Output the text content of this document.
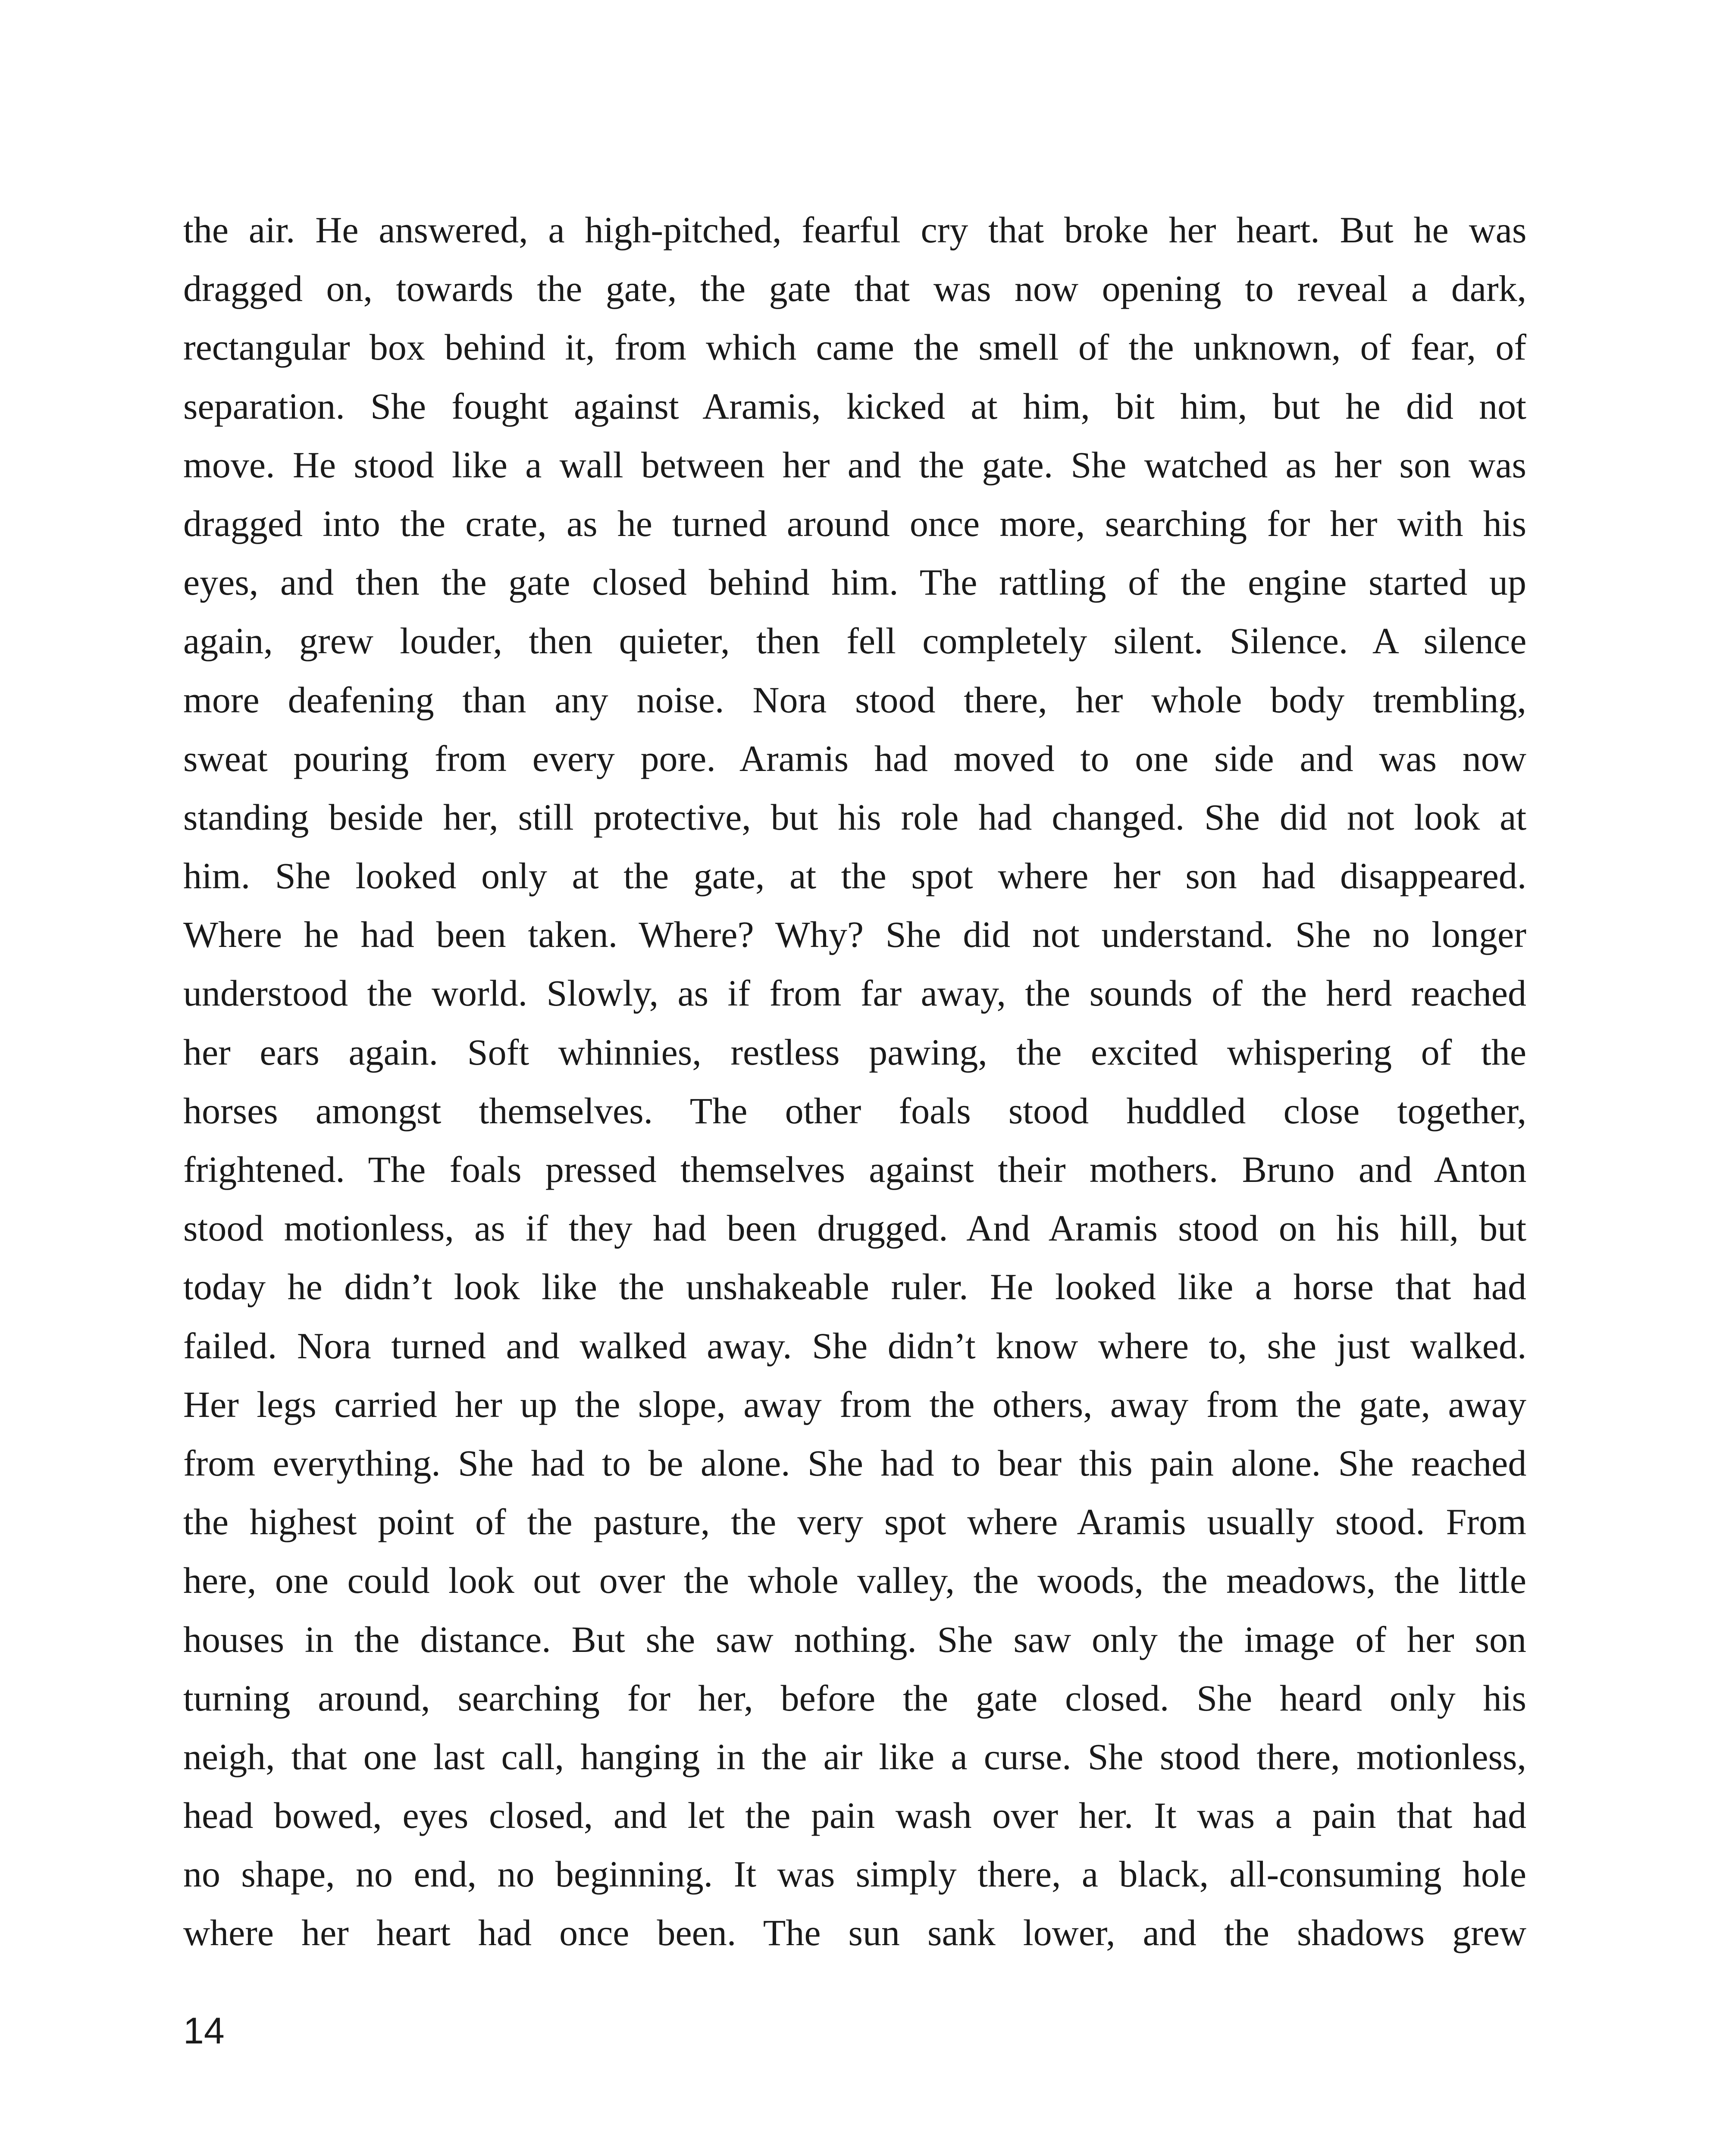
the air. He answered, a high-pitched, fearful cry that broke her heart. But he was
dragged on, towards the gate, the gate that was now opening to reveal a dark,
rectangular box behind it, from which came the smell of the unknown, of fear, of
separation. She fought against Aramis, kicked at him, bit him, but he did not
move. He stood like a wall between her and the gate. She watched as her son was
dragged into the crate, as he turned around once more, searching for her with his
eyes, and then the gate closed behind him. The rattling of the engine started up
again, grew louder, then quieter, then fell completely silent. Silence. A silence
more deafening than any noise. Nora stood there, her whole body trembling,
sweat pouring from every pore. Aramis had moved to one side and was now
standing beside her, still protective, but his role had changed. She did not look at
him. She looked only at the gate, at the spot where her son had disappeared.
Where he had been taken. Where? Why? She did not understand. She no longer
understood the world. Slowly, as if from far away, the sounds of the herd reached
her ears again. Soft whinnies, restless pawing, the excited whispering of the
horses amongst themselves. The other foals stood huddled close together,
frightened. The foals pressed themselves against their mothers. Bruno and Anton
stood motionless, as if they had been drugged. And Aramis stood on his hill, but
today he didn’t look like the unshakeable ruler. He looked like a horse that had
failed. Nora turned and walked away. She didn’t know where to, she just walked.
Her legs carried her up the slope, away from the others, away from the gate, away
from everything. She had to be alone. She had to bear this pain alone. She reached
the highest point of the pasture, the very spot where Aramis usually stood. From
here, one could look out over the whole valley, the woods, the meadows, the little
houses in the distance. But she saw nothing. She saw only the image of her son
turning around, searching for her, before the gate closed. She heard only his
neigh, that one last call, hanging in the air like a curse. She stood there, motionless,
head bowed, eyes closed, and let the pain wash over her. It was a pain that had
no shape, no end, no beginning. It was simply there, a black, all-consuming hole
where her heart had once been. The sun sank lower, and the shadows grew
14
